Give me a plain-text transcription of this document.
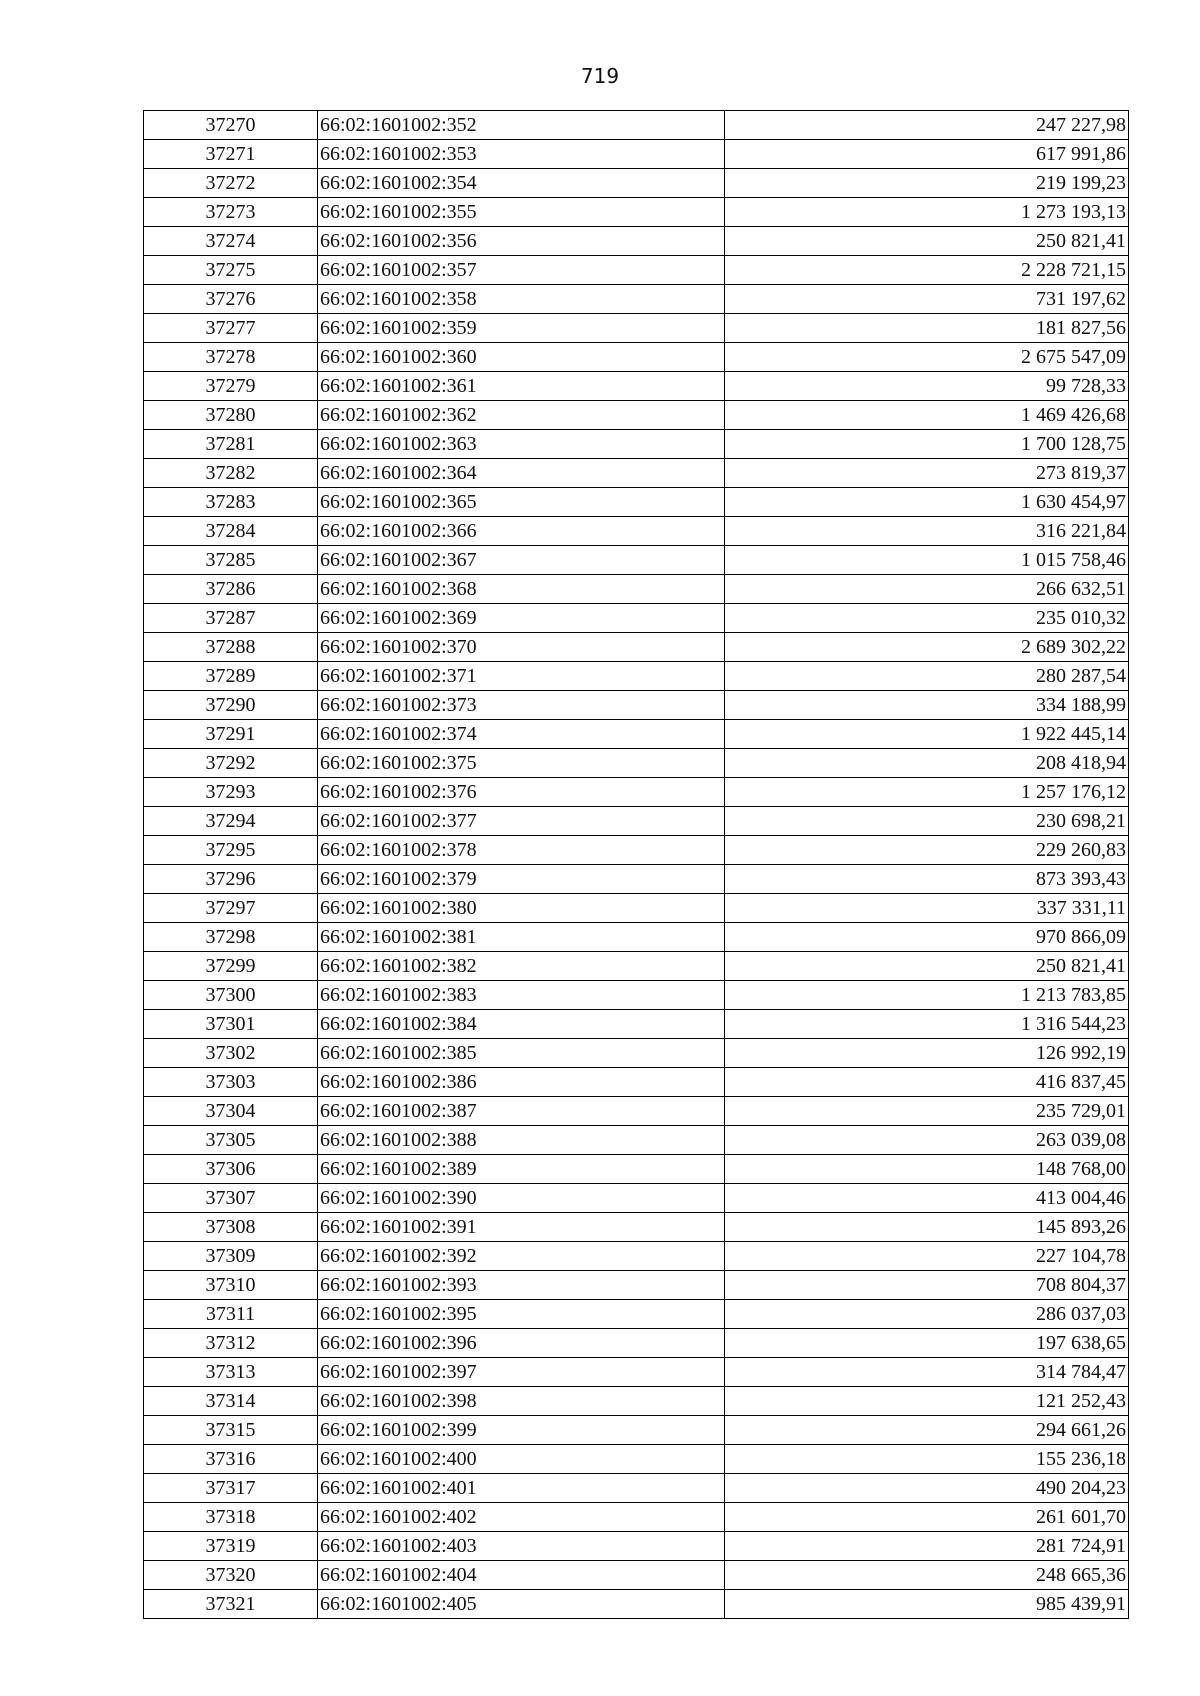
719
37270	66:02:1601002:352	247 227,98
37271	66:02:1601002:353	617 991,86
37272	66:02:1601002:354	219 199,23
37273	66:02:1601002:355	1 273 193,13
37274	66:02:1601002:356	250 821,41
37275	66:02:1601002:357	2 228 721,15
37276	66:02:1601002:358	731 197,62
37277	66:02:1601002:359	181 827,56
37278	66:02:1601002:360	2 675 547,09
37279	66:02:1601002:361	99 728,33
37280	66:02:1601002:362	1 469 426,68
37281	66:02:1601002:363	1 700 128,75
37282	66:02:1601002:364	273 819,37
37283	66:02:1601002:365	1 630 454,97
37284	66:02:1601002:366	316 221,84
37285	66:02:1601002:367	1 015 758,46
37286	66:02:1601002:368	266 632,51
37287	66:02:1601002:369	235 010,32
37288	66:02:1601002:370	2 689 302,22
37289	66:02:1601002:371	280 287,54
37290	66:02:1601002:373	334 188,99
37291	66:02:1601002:374	1 922 445,14
37292	66:02:1601002:375	208 418,94
37293	66:02:1601002:376	1 257 176,12
37294	66:02:1601002:377	230 698,21
37295	66:02:1601002:378	229 260,83
37296	66:02:1601002:379	873 393,43
37297	66:02:1601002:380	337 331,11
37298	66:02:1601002:381	970 866,09
37299	66:02:1601002:382	250 821,41
37300	66:02:1601002:383	1 213 783,85
37301	66:02:1601002:384	1 316 544,23
37302	66:02:1601002:385	126 992,19
37303	66:02:1601002:386	416 837,45
37304	66:02:1601002:387	235 729,01
37305	66:02:1601002:388	263 039,08
37306	66:02:1601002:389	148 768,00
37307	66:02:1601002:390	413 004,46
37308	66:02:1601002:391	145 893,26
37309	66:02:1601002:392	227 104,78
37310	66:02:1601002:393	708 804,37
37311	66:02:1601002:395	286 037,03
37312	66:02:1601002:396	197 638,65
37313	66:02:1601002:397	314 784,47
37314	66:02:1601002:398	121 252,43
37315	66:02:1601002:399	294 661,26
37316	66:02:1601002:400	155 236,18
37317	66:02:1601002:401	490 204,23
37318	66:02:1601002:402	261 601,70
37319	66:02:1601002:403	281 724,91
37320	66:02:1601002:404	248 665,36
37321	66:02:1601002:405	985 439,91
